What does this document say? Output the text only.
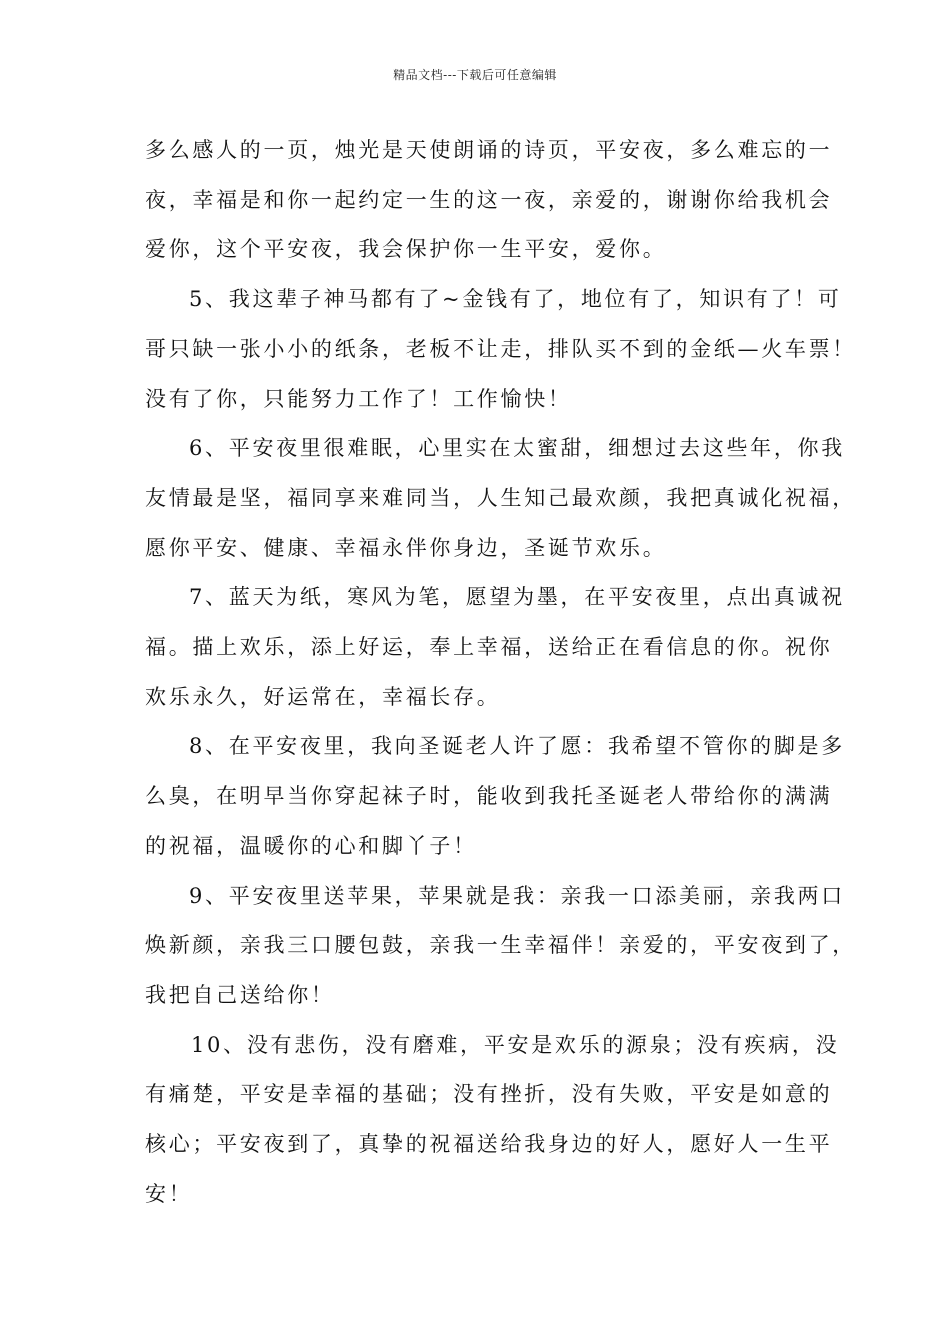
精品文档---下载后可任意编辑

多么感人的一页，烛光是天使朗诵的诗页，平安夜，多么难忘的一
夜，幸福是和你一起约定一生的这一夜，亲爱的，谢谢你给我机会
爱你，这个平安夜，我会保护你一生平安，爱你。

5、我这辈子神马都有了~金钱有了，地位有了，知识有了！可
哥只缺一张小小的纸条，老板不让走，排队买不到的金纸—火车票！
没有了你，只能努力工作了！工作愉快！

6、平安夜里很难眠，心里实在太蜜甜，细想过去这些年，你我
友情最是坚，福同享来难同当，人生知己最欢颜，我把真诚化祝福，
愿你平安、健康、幸福永伴你身边，圣诞节欢乐。

7、蓝天为纸，寒风为笔，愿望为墨，在平安夜里，点出真诚祝
福。描上欢乐，添上好运，奉上幸福，送给正在看信息的你。祝你
欢乐永久，好运常在，幸福长存。

8、在平安夜里，我向圣诞老人许了愿：我希望不管你的脚是多
么臭，在明早当你穿起袜子时，能收到我托圣诞老人带给你的满满
的祝福，温暖你的心和脚丫子！

9、平安夜里送苹果，苹果就是我：亲我一口添美丽，亲我两口
焕新颜，亲我三口腰包鼓，亲我一生幸福伴！亲爱的，平安夜到了，
我把自己送给你！

10、没有悲伤，没有磨难，平安是欢乐的源泉；没有疾病，没
有痛楚，平安是幸福的基础；没有挫折，没有失败，平安是如意的
核心；平安夜到了，真挚的祝福送给我身边的好人，愿好人一生平
安！
